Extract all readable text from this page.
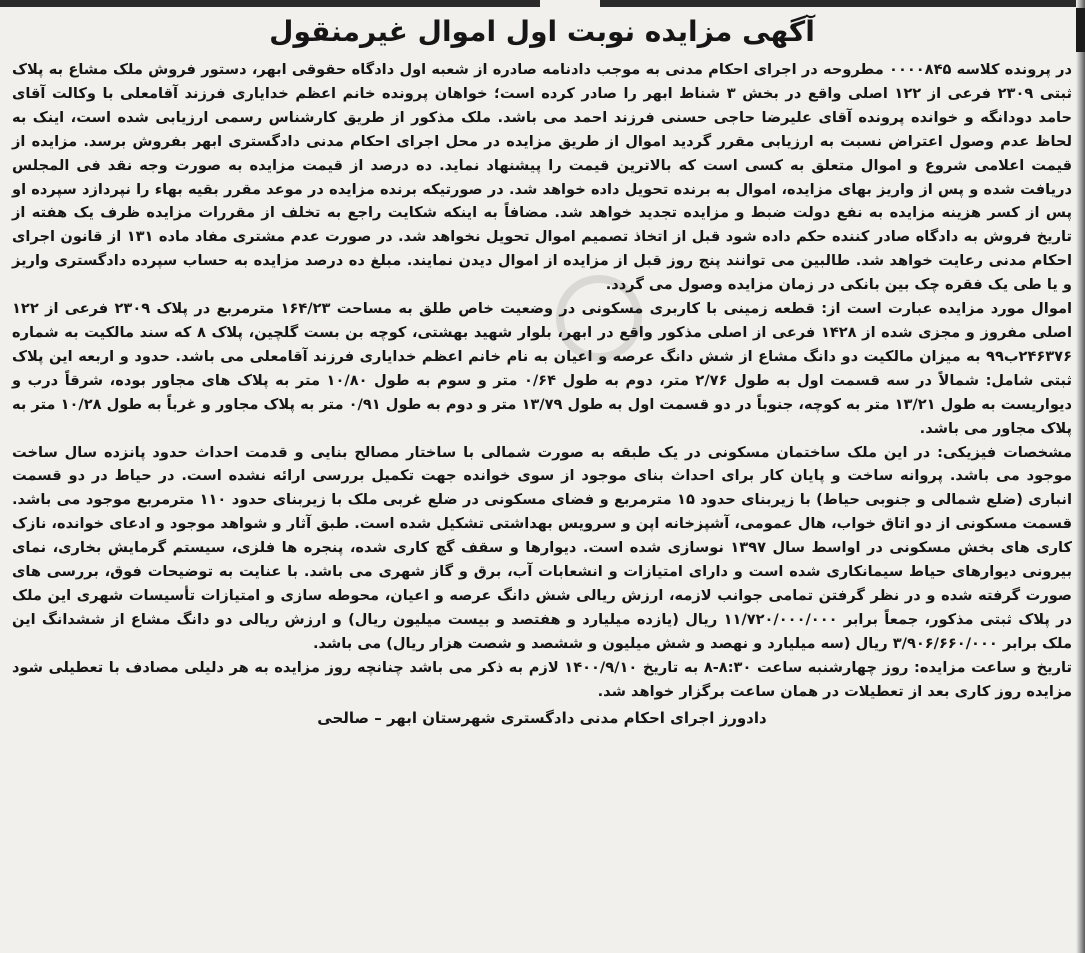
آگهی مزایده نوبت اول اموال غیرمنقول

در پرونده کلاسه ۰۰۰۰۸۴۵ مطروحه در اجرای احکام مدنی به موجب دادنامه صادره از شعبه اول دادگاه حقوقی ابهر، دستور فروش ملک مشاع به پلاک ثبتی ۲۳۰۹ فرعی از ۱۲۲ اصلی واقع در بخش ۳ شناط ابهر را صادر کرده است؛ خواهان پرونده خانم اعظم خدایاری فرزند آقامعلی با وکالت آقای حامد دودانگه و خوانده پرونده آقای علیرضا حاجی حسنی فرزند احمد می باشد. ملک مذکور از طریق کارشناس رسمی ارزیابی شده است، اینک به لحاظ عدم وصول اعتراض نسبت به ارزیابی مقرر گردید اموال از طریق مزایده در محل اجرای احکام مدنی دادگستری ابهر بفروش برسد. مزایده از قیمت اعلامی شروع و اموال متعلق به کسی است که بالاترین قیمت را پیشنهاد نماید. ده درصد از قیمت مزایده به صورت وجه نقد فی المجلس دریافت شده و پس از واریز بهای مزایده، اموال به برنده تحویل داده خواهد شد. در صورتیکه برنده مزایده در موعد مقرر بقیه بهاء را نپردازد سپرده او پس از کسر هزینه مزایده به نفع دولت ضبط و مزایده تجدید خواهد شد. مضافاً به اینکه شکایت راجع به تخلف از مقررات مزایده ظرف یک هفته از تاریخ فروش به دادگاه صادر کننده حکم داده شود قبل از اتخاذ تصمیم اموال تحویل نخواهد شد. در صورت عدم مشتری مفاد ماده ۱۳۱ از قانون اجرای احکام مدنی رعایت خواهد شد. طالبین می توانند پنج روز قبل از مزایده از اموال دیدن نمایند. مبلغ ده درصد مزایده به حساب سپرده دادگستری واریز و یا طی یک فقره چک بین بانکی در زمان مزایده وصول می گردد.

اموال مورد مزایده عبارت است از: قطعه زمینی با کاربری مسکونی در وضعیت خاص طلق به مساحت ۱۶۴/۲۳ مترمربع در پلاک ۲۳۰۹ فرعی از ۱۲۲ اصلی مفروز و مجزی شده از ۱۴۲۸ فرعی از اصلی مذکور واقع در ابهر، بلوار شهید بهشتی، کوچه بن بست گلچین، پلاک ۸ که سند مالکیت به شماره ۲۴۶۳۷۶ب۹۹ به میزان مالکیت دو دانگ مشاع از شش دانگ عرصه و اعیان به نام خانم اعظم خدایاری فرزند آقامعلی می باشد. حدود و اربعه این پلاک ثبتی شامل: شمالاً در سه قسمت اول به طول ۲/۷۶ متر، دوم به طول ۰/۶۴ متر و سوم به طول ۱۰/۸۰ متر به پلاک های مجاور بوده، شرقاً درب و دیواریست به طول ۱۳/۲۱ متر به کوچه، جنوباً در دو قسمت اول به طول ۱۳/۷۹ متر و دوم به طول ۰/۹۱ متر به پلاک مجاور و غرباً به طول ۱۰/۲۸ متر به پلاک مجاور می باشد.

مشخصات فیزیکی: در این ملک ساختمان مسکونی در یک طبقه به صورت شمالی با ساختار مصالح بنایی و قدمت احداث حدود پانزده سال ساخت موجود می باشد. پروانه ساخت و پایان کار برای احداث بنای موجود از سوی خوانده جهت تکمیل بررسی ارائه نشده است. در حیاط در دو قسمت انباری (ضلع شمالی و جنوبی حیاط) با زیربنای حدود ۱۵ مترمربع و فضای مسکونی در ضلع غربی ملک با زیربنای حدود ۱۱۰ مترمربع موجود می باشد. قسمت مسکونی از دو اتاق خواب، هال عمومی، آشپزخانه اپن و سرویس بهداشتی تشکیل شده است. طبق آثار و شواهد موجود و ادعای خوانده، نازک کاری های بخش مسکونی در اواسط سال ۱۳۹۷ نوسازی شده است. دیوارها و سقف گچ کاری شده، پنجره ها فلزی، سیستم گرمایش بخاری، نمای بیرونی دیوارهای حیاط سیمانکاری شده است و دارای امتیازات و انشعابات آب، برق و گاز شهری می باشد. با عنایت به توضیحات فوق، بررسی های صورت گرفته شده و در نظر گرفتن تمامی جوانب لازمه، ارزش ریالی شش دانگ عرصه و اعیان، محوطه سازی و امتیازات تأسیسات شهری این ملک در پلاک ثبتی مذکور، جمعاً برابر ۱۱/۷۲۰/۰۰۰/۰۰۰ ریال (یازده میلیارد و هفتصد و بیست میلیون ریال) و ارزش ریالی دو دانگ مشاع از ششدانگ این ملک برابر ۳/۹۰۶/۶۶۰/۰۰۰ ریال (سه میلیارد و نهصد و شش میلیون و ششصد و شصت هزار ریال) می باشد.

تاریخ و ساعت مزایده: روز چهارشنبه ساعت ۸:۳۰-۸ به تاریخ ۱۴۰۰/۹/۱۰ لازم به ذکر می باشد چنانچه روز مزایده به هر دلیلی مصادف با تعطیلی شود مزایده روز کاری بعد از تعطیلات در همان ساعت برگزار خواهد شد.

دادورز اجرای احکام مدنی دادگستری شهرستان ابهر – صالحی
